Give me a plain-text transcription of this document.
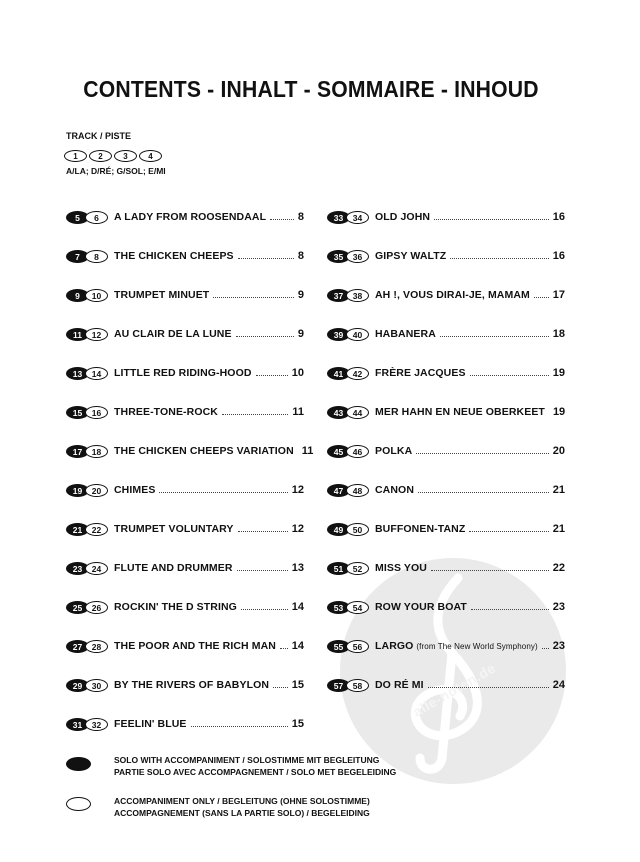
alle-noten.de
CONTENTS - INHALT - SOMMAIRE - INHOUD
TRACK / PISTE
1	2	3	4
A/LA; D/RÉ; G/SOL; E/MI
5	6	A LADY FROM ROOSENDAAL	8
7	8	THE CHICKEN CHEEPS	8
9	10	TRUMPET MINUET	9
11	12	AU CLAIR DE LA LUNE	9
13	14	LITTLE RED RIDING-HOOD	10
15	16	THREE-TONE-ROCK	11
17	18	THE CHICKEN CHEEPS VARIATION 11
19	20	CHIMES	12
21	22	TRUMPET VOLUNTARY	12
23	24	FLUTE AND DRUMMER	13
25	26	ROCKIN' THE D STRING	14
27	28	THE POOR AND THE RICH MAN 14
29	30	BY THE RIVERS OF BABYLON 15
31	32	FEELIN' BLUE	15
33	34	OLD JOHN	16
35	36	GIPSY WALTZ	16
37	38	AH !, VOUS DIRAI-JE, MAMAM 17
39	40	HABANERA	18
41	42	FRÈRE JACQUES	19
43	44	MER HAHN EN NEUE OBERKEET 19
45	46	POLKA	20
47	48	CANON	21
49	50	BUFFONEN-TANZ	21
51	52	MISS YOU	22
53	54	ROW YOUR BOAT	23
55	56	LARGO (from The New World Symphony) 23
57	58	DO RÉ MI	24
SOLO WITH ACCOMPANIMENT / SOLOSTIMME MIT BEGLEITUNG
PARTIE SOLO AVEC ACCOMPAGNEMENT / SOLO MET BEGELEIDING
ACCOMPANIMENT ONLY / BEGLEITUNG (OHNE SOLOSTIMME)
ACCOMPAGNEMENT (SANS LA PARTIE SOLO) / BEGELEIDING
